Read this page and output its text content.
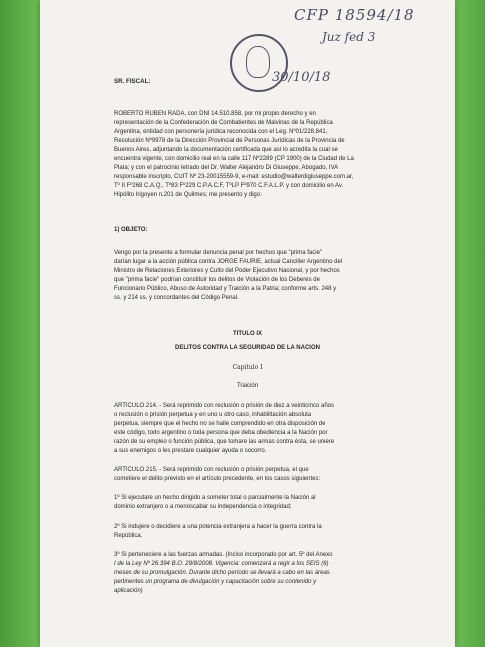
CFP 18594/18
Juz fed 3
30/10/18
SR. FISCAL:
ROBERTO RUBEN RADA, con DNI 14.510.858, por mi propio derecho y en
representación de la Confederación de Combatientes de Malvinas de la República
Argentina, entidad con personería jurídica reconocida con el Leg. Nº01/228.841,
Resolución Nº9978 de la Dirección Provincial de Personas Jurídicas de la Provincia de
Buenos Aires, adjuntando la documentación certificada que así lo acredita la cual se
encuentra vigente, con domicilio real en la calle 117 Nº2289 (CP 1900) de la Ciudad de La
Plata; y con el patrocinio letrado del Dr. Walter Alejandro Di Giuseppe, Abogado, IVA
responsable inscripto, CUIT Nº 23-20015559-9, e-mail: estudio@walterdigiuseppe.com.ar,
Tº II Fº268 C.A.Q., Tº83 Fº229 C.P.A.C.F, TºLP Fº970 C.F.A.L.P. y con domicilio en Av.
Hipólito Irigoyen n.201 de Quilmes; me presento y digo:
1) OBJETO:
Vengo por la presente a formular denuncia penal por hechos que "prima facie"
darían lugar a la acción pública contra JORGE FAURIE, actual Canciller Argentino del
Ministro de Relaciones Exteriores y Culto del Poder Ejecutivo Nacional, y por hechos
que "prima facie" podrían constituir los delitos de Violación de los Deberes de
Funcionario Público, Abuso de Autoridad y Traición a la Patria; conforme arts. 248 y
ss. y 214 ss. y concordantes del Código Penal.
TITULO IX
DELITOS CONTRA LA SEGURIDAD DE LA NACION
Capítulo I
Traición
ARTICULO 214. - Será reprimido con reclusión o prisión de diez a veinticinco años
o reclusión o prisión perpetua y en uno u otro caso, inhabilitación absoluta
perpetua, siempre que el hecho no se halle comprendido en otra disposición de
este código, todo argentino o toda persona que deba obediencia a la Nación por
razón de su empleo o función pública, que tomare las armas contra ésta, se uniere
a sus enemigos o les prestare cualquier ayuda o socorro.
ARTICULO 215. - Será reprimido con reclusión o prisión perpetua, el que
cometiere el delito previsto en el artículo precedente, en los casos siguientes:
1º Si ejecutare un hecho dirigido a someter total o parcialmente la Nación al
dominio extranjero o a menoscabar su independencia o integridad;
2º Si indujere o decidiere a una potencia extranjera a hacer la guerra contra la
República.
3º Si perteneciere a las fuerzas armadas. (Inciso incorporado por art. 5º del Anexo
I de la Ley Nº 26.394 B.O. 29/8/2008. Vigencia: comenzará a regir a los SEIS (6)
meses de su promulgación. Durante dicho período se llevará a cabo en las áreas
pertinentes un programa de divulgación y capacitación sobre su contenido y
aplicación)
